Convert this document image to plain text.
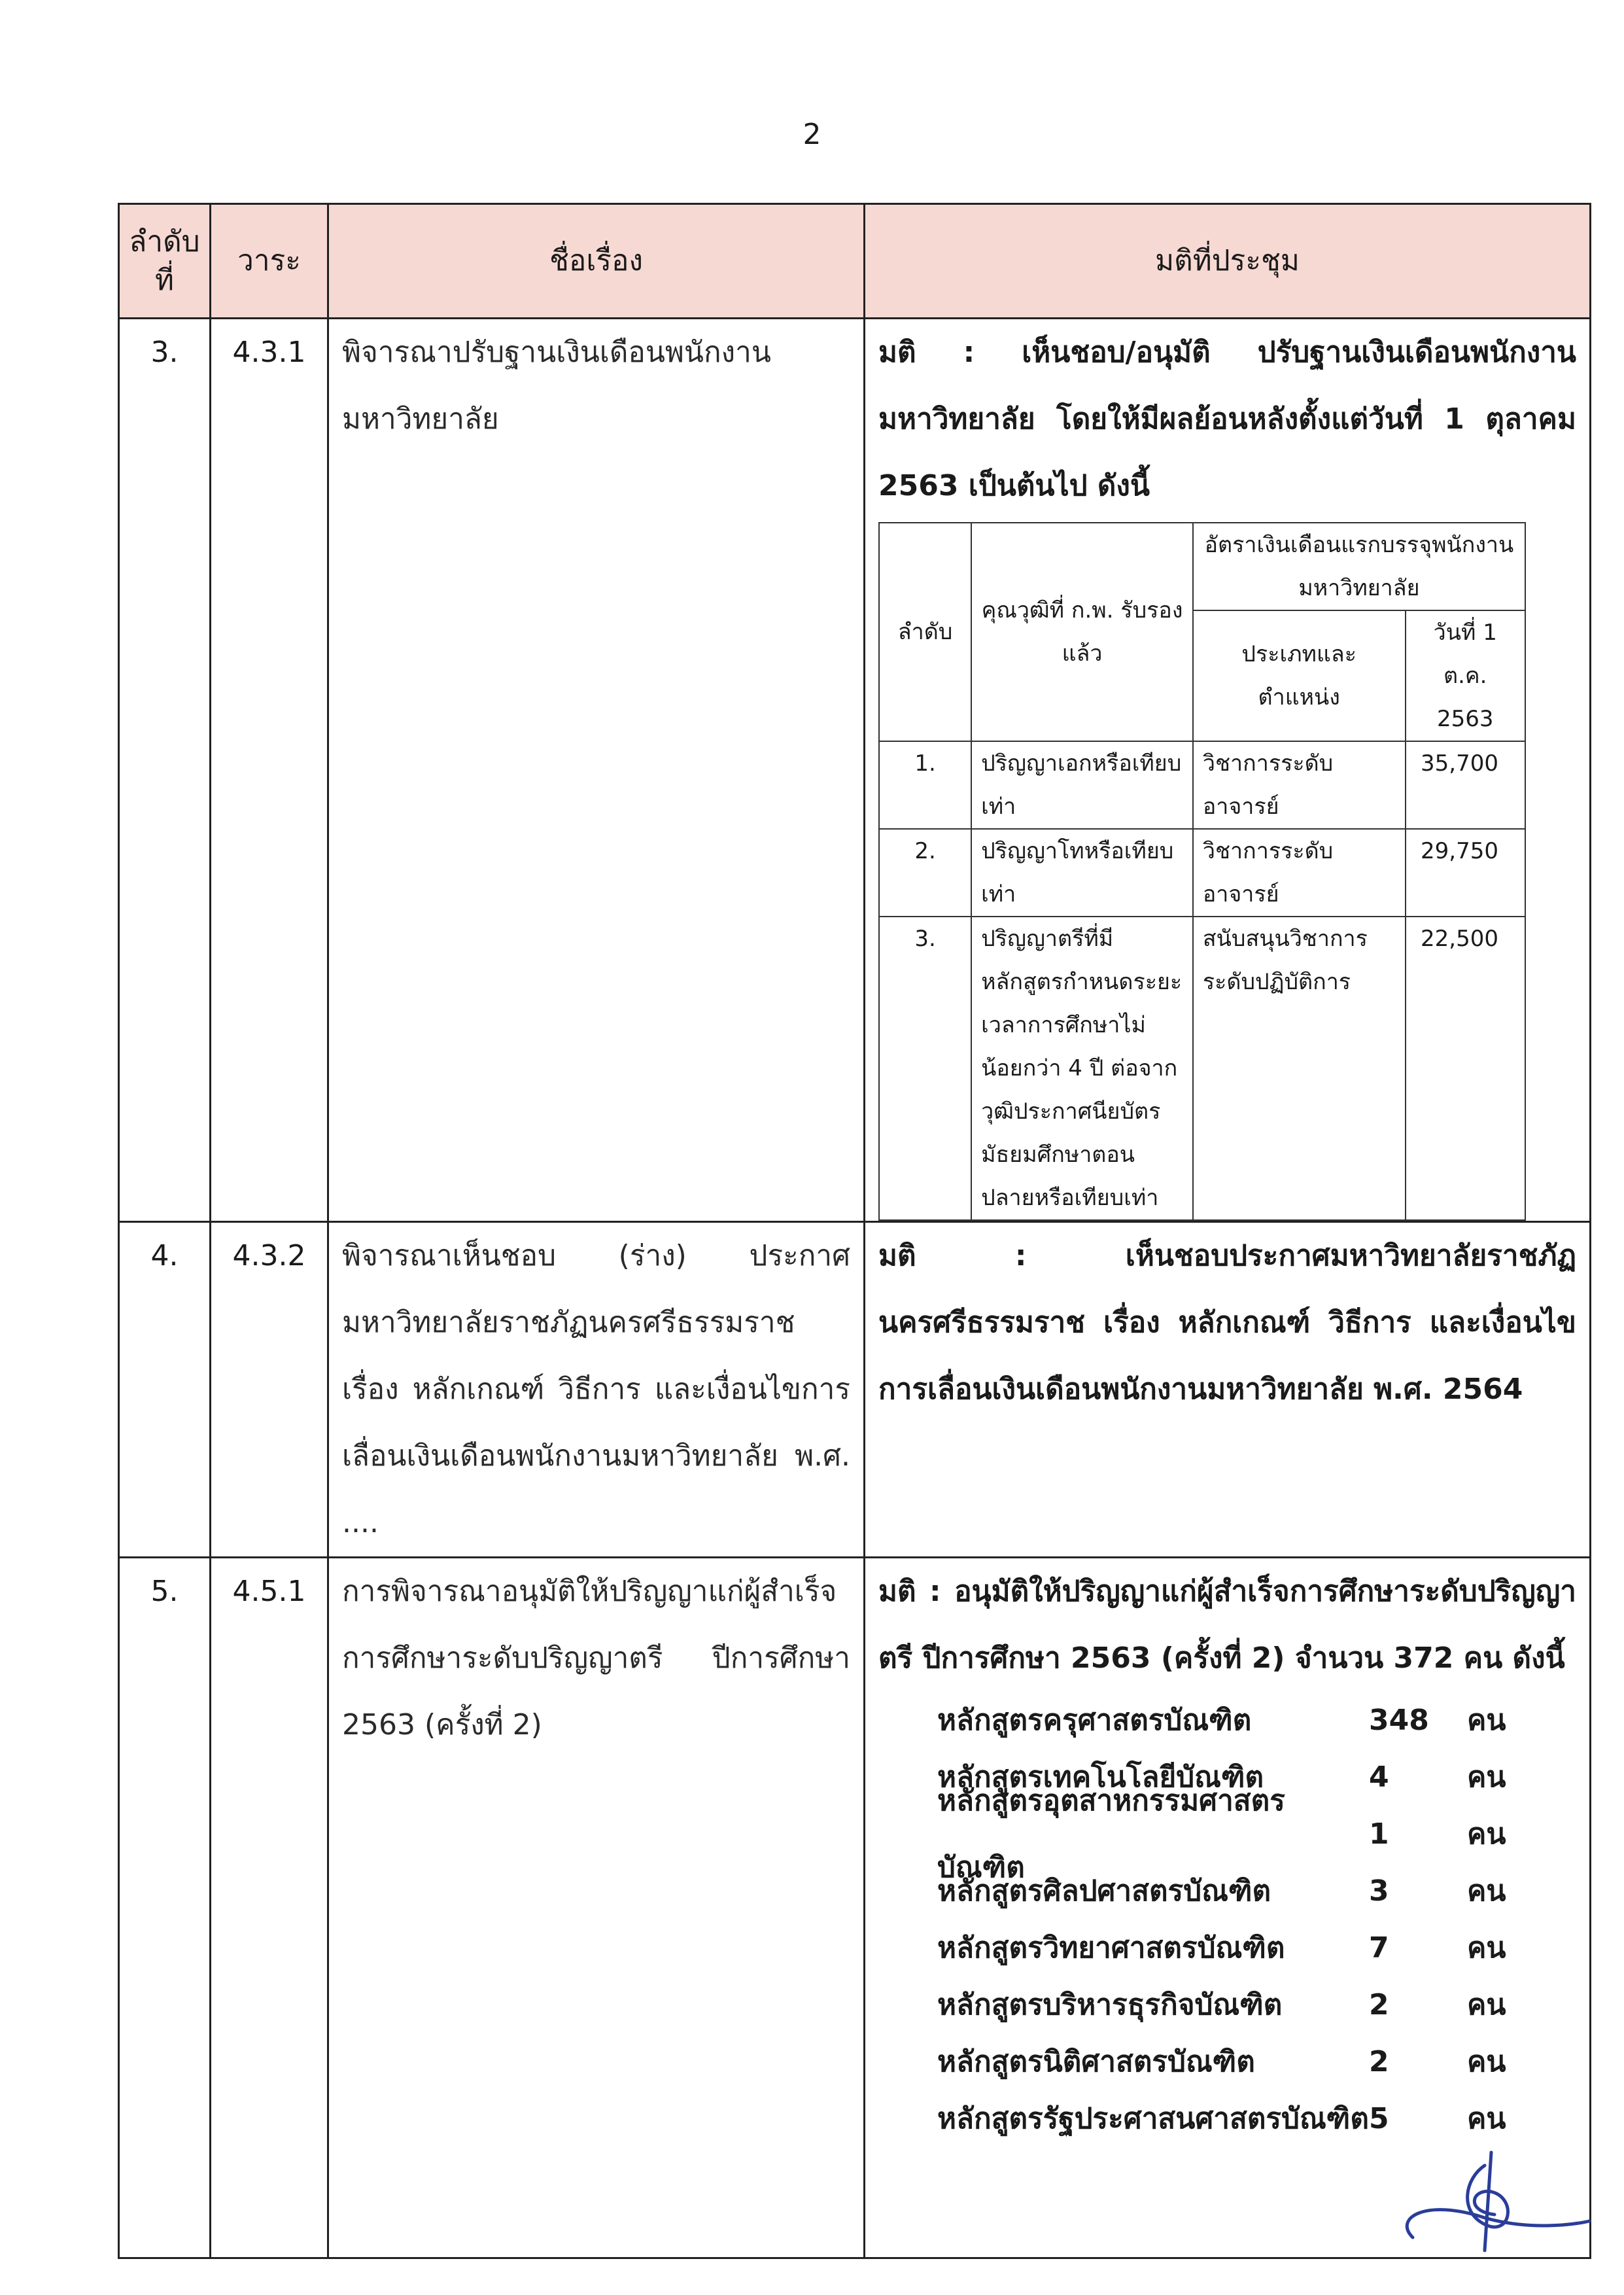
2
ลำดับที่	วาระ	ชื่อเรื่อง	มติที่ประชุม
3.	4.3.1	พิจารณาปรับฐานเงินเดือนพนักงานมหาวิทยาลัย	
มติ : เห็นชอบ/อนุมัติ ปรับฐานเงินเดือนพนักงานมหาวิทยาลัย โดยให้มีผลย้อนหลังตั้งแต่วันที่ 1 ตุลาคม 2563 เป็นต้นไป ดังนี้
ลำดับ	คุณวุฒิที่ ก.พ. รับรองแล้ว	อัตราเงินเดือนแรกบรรจุพนักงานมหาวิทยาลัย
ประเภทและตำแหน่ง	วันที่ 1 ต.ค. 2563
1.	ปริญญาเอกหรือเทียบเท่า	วิชาการระดับอาจารย์	35,700
2.	ปริญญาโทหรือเทียบเท่า	วิชาการระดับอาจารย์	29,750
3.	ปริญญาตรีที่มีหลักสูตรกำหนดระยะเวลาการศึกษาไม่น้อยกว่า 4 ปี ต่อจากวุฒิประกาศนียบัตรมัธยมศึกษาตอนปลายหรือเทียบเท่า	สนับสนุนวิชาการระดับปฏิบัติการ	22,500

4.	4.3.2	พิจารณาเห็นชอบ (ร่าง) ประกาศมหาวิทยาลัยราชภัฏนครศรีธรรมราช เรื่อง หลักเกณฑ์ วิธีการ และเงื่อนไขการเลื่อนเงินเดือนพนักงานมหาวิทยาลัย พ.ศ. ....	
มติ : เห็นชอบประกาศมหาวิทยาลัยราชภัฏนครศรีธรรมราช เรื่อง หลักเกณฑ์ วิธีการ และเงื่อนไขการเลื่อนเงินเดือนพนักงานมหาวิทยาลัย พ.ศ. 2564

5.	4.5.1	การพิจารณาอนุมัติให้ปริญญาแก่ผู้สำเร็จการศึกษาระดับปริญญาตรี ปีการศึกษา 2563 (ครั้งที่ 2)	
มติ : อนุมัติให้ปริญญาแก่ผู้สำเร็จการศึกษาระดับปริญญาตรี ปีการศึกษา 2563 (ครั้งที่ 2) จำนวน 372 คน ดังนี้
หลักสูตรครุศาสตรบัณฑิต	348	คน
หลักสูตรเทคโนโลยีบัณฑิต	4	คน
หลักสูตรอุตสาหกรรมศาสตรบัณฑิต
1	คน
หลักสูตรศิลปศาสตรบัณฑิต	3	คน
หลักสูตรวิทยาศาสตรบัณฑิต	7	คน
หลักสูตรบริหารธุรกิจบัณฑิต	2	คน
หลักสูตรนิติศาสตรบัณฑิต	2	คน
หลักสูตรรัฐประศาสนศาสตรบัณฑิต 5	คน
